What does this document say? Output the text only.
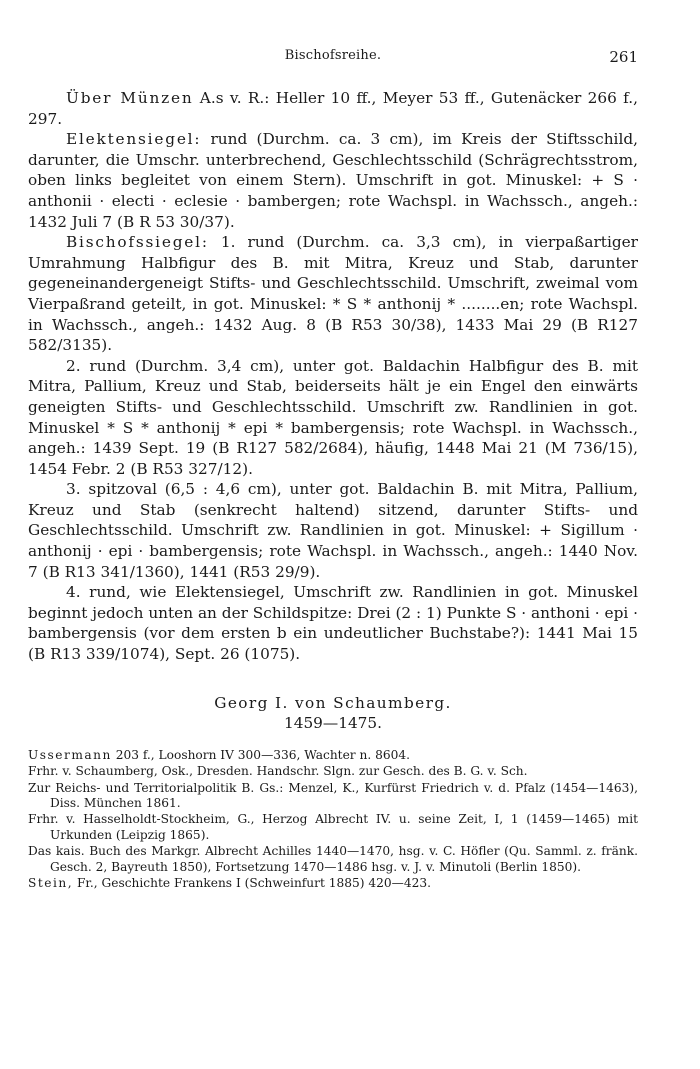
Bischofsreihe.	261

Über Münzen A.s v. R.: Heller 10 ff., Meyer 53 ff., Gutenäcker 266 f., 297.

Elektensiegel: rund (Durchm. ca. 3 cm), im Kreis der Stiftsschild, darunter, die Umschr. unterbrechend, Geschlechtsschild (Schrägrechtsstrom, oben links begleitet von einem Stern). Umschrift in got. Minuskel: + S · anthonii · electi · eclesie · bambergen; rote Wachspl. in Wachssch., angeh.: 1432 Juli 7 (B R 53 30/37).

Bischofssiegel: 1. rund (Durchm. ca. 3,3 cm), in vierpaßartiger Umrahmung Halbfigur des B. mit Mitra, Kreuz und Stab, darunter gegeneinandergeneigt Stifts- und Geschlechtsschild. Umschrift, zweimal vom Vierpaßrand geteilt, in got. Minuskel: * S * anthonij * ........en; rote Wachspl. in Wachssch., angeh.: 1432 Aug. 8 (B R53 30/38), 1433 Mai 29 (B R127 582/3135).

2. rund (Durchm. 3,4 cm), unter got. Baldachin Halbfigur des B. mit Mitra, Pallium, Kreuz und Stab, beiderseits hält je ein Engel den einwärts geneigten Stifts- und Geschlechtsschild. Umschrift zw. Randlinien in got. Minuskel * S * anthonij * epi * bambergensis; rote Wachspl. in Wachssch., angeh.: 1439 Sept. 19 (B R127 582/2684), häufig, 1448 Mai 21 (M 736/15), 1454 Febr. 2 (B R53 327/12).

3. spitzoval (6,5 : 4,6 cm), unter got. Baldachin B. mit Mitra, Pallium, Kreuz und Stab (senkrecht haltend) sitzend, darunter Stifts- und Geschlechtsschild. Umschrift zw. Randlinien in got. Minuskel: + Sigillum · anthonij · epi · bambergensis; rote Wachspl. in Wachssch., angeh.: 1440 Nov. 7 (B R13 341/1360), 1441 (R53 29/9).

4. rund, wie Elektensiegel, Umschrift zw. Randlinien in got. Minuskel beginnt jedoch unten an der Schildspitze: Drei (2 : 1) Punkte S · anthoni · epi · bambergensis (vor dem ersten b ein undeutlicher Buchstabe?): 1441 Mai 15 (B R13 339/1074), Sept. 26 (1075).

Georg I. von Schaumberg.
1459—1475.

Ussermann 203 f., Looshorn IV 300—336, Wachter n. 8604.

Frhr. v. Schaumberg, Osk., Dresden. Handschr. Slgn. zur Gesch. des B. G. v. Sch.

Zur Reichs- und Territorialpolitik B. Gs.: Menzel, K., Kurfürst Friedrich v. d. Pfalz (1454—1463), Diss. München 1861.

Frhr. v. Hasselholdt-Stockheim, G., Herzog Albrecht IV. u. seine Zeit, I, 1 (1459—1465) mit Urkunden (Leipzig 1865).

Das kais. Buch des Markgr. Albrecht Achilles 1440—1470, hsg. v. C. Höfler (Qu. Samml. z. fränk. Gesch. 2, Bayreuth 1850), Fortsetzung 1470—1486 hsg. v. J. v. Minutoli (Berlin 1850).

Stein, Fr., Geschichte Frankens I (Schweinfurt 1885) 420—423.
